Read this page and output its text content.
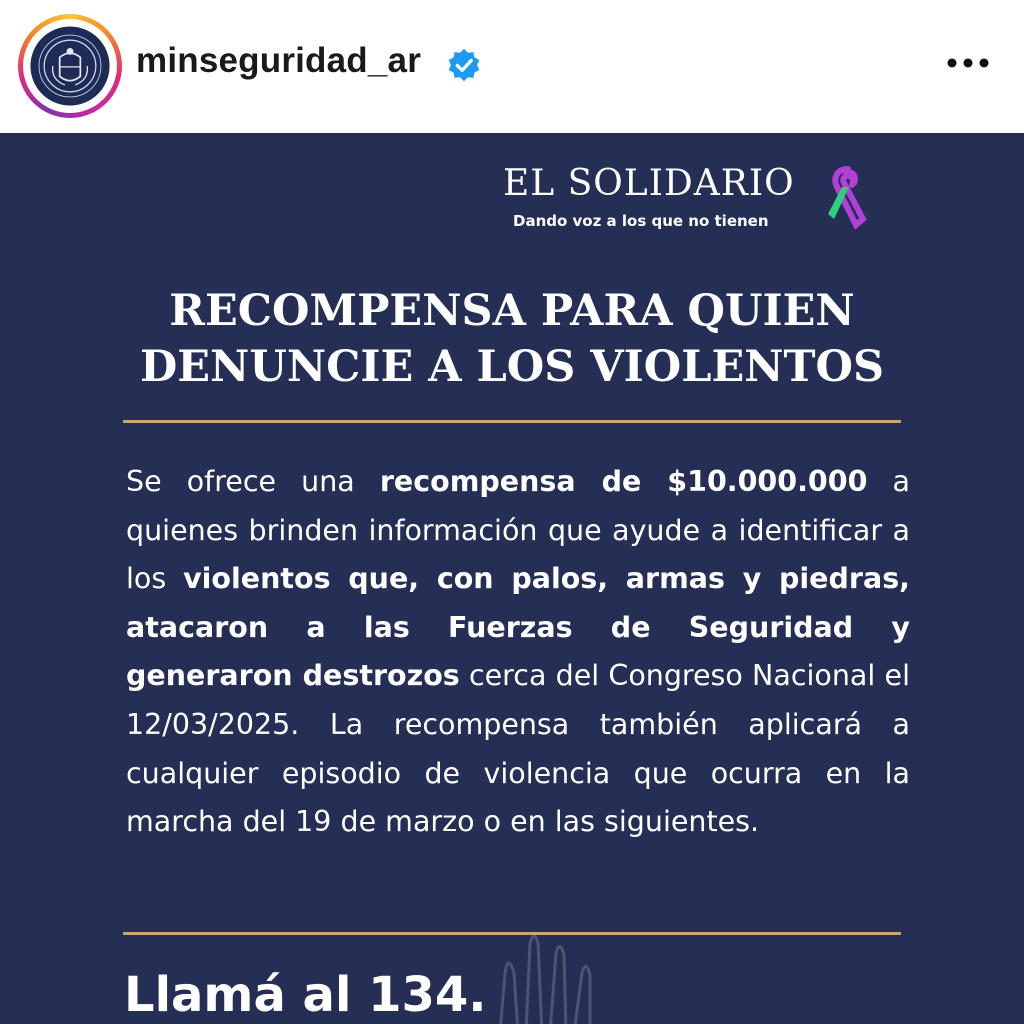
minseguridad_ar
EL SOLIDARIO
Dando voz a los que no tienen
RECOMPENSA PARA QUIEN
DENUNCIE A LOS VIOLENTOS
Se ofrece una recompensa de $10.000.000 a quienes brinden información que ayude a identificar a los violentos que, con palos, armas y piedras, atacaron a las Fuerzas de Seguridad y generaron destrozos cerca del Congreso Nacional el 12/03/2025. La recompensa también aplicará a cualquier episodio de violencia que ocurra en la marcha del 19 de marzo o en las siguientes.
Llamá al 134.
